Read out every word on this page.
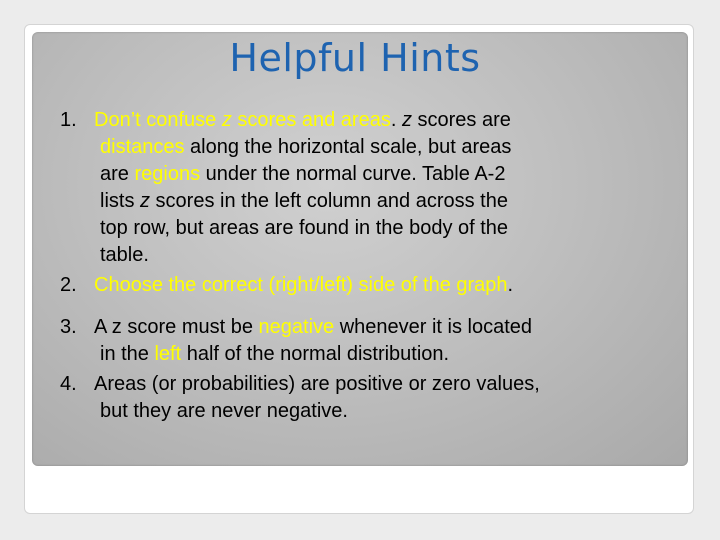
Helpful Hints
1. Don’t confuse z scores and areas. z scores are
distances along the horizontal scale, but areas
are regions under the normal curve. Table A-2
lists z scores in the left column and across the
top row, but areas are found in the body of the
table.
2. Choose the correct (right/left) side of the graph.
3. A z score must be negative whenever it is located
in the left half of the normal distribution.
4. Areas (or probabilities) are positive or zero values,
but they are never negative.
